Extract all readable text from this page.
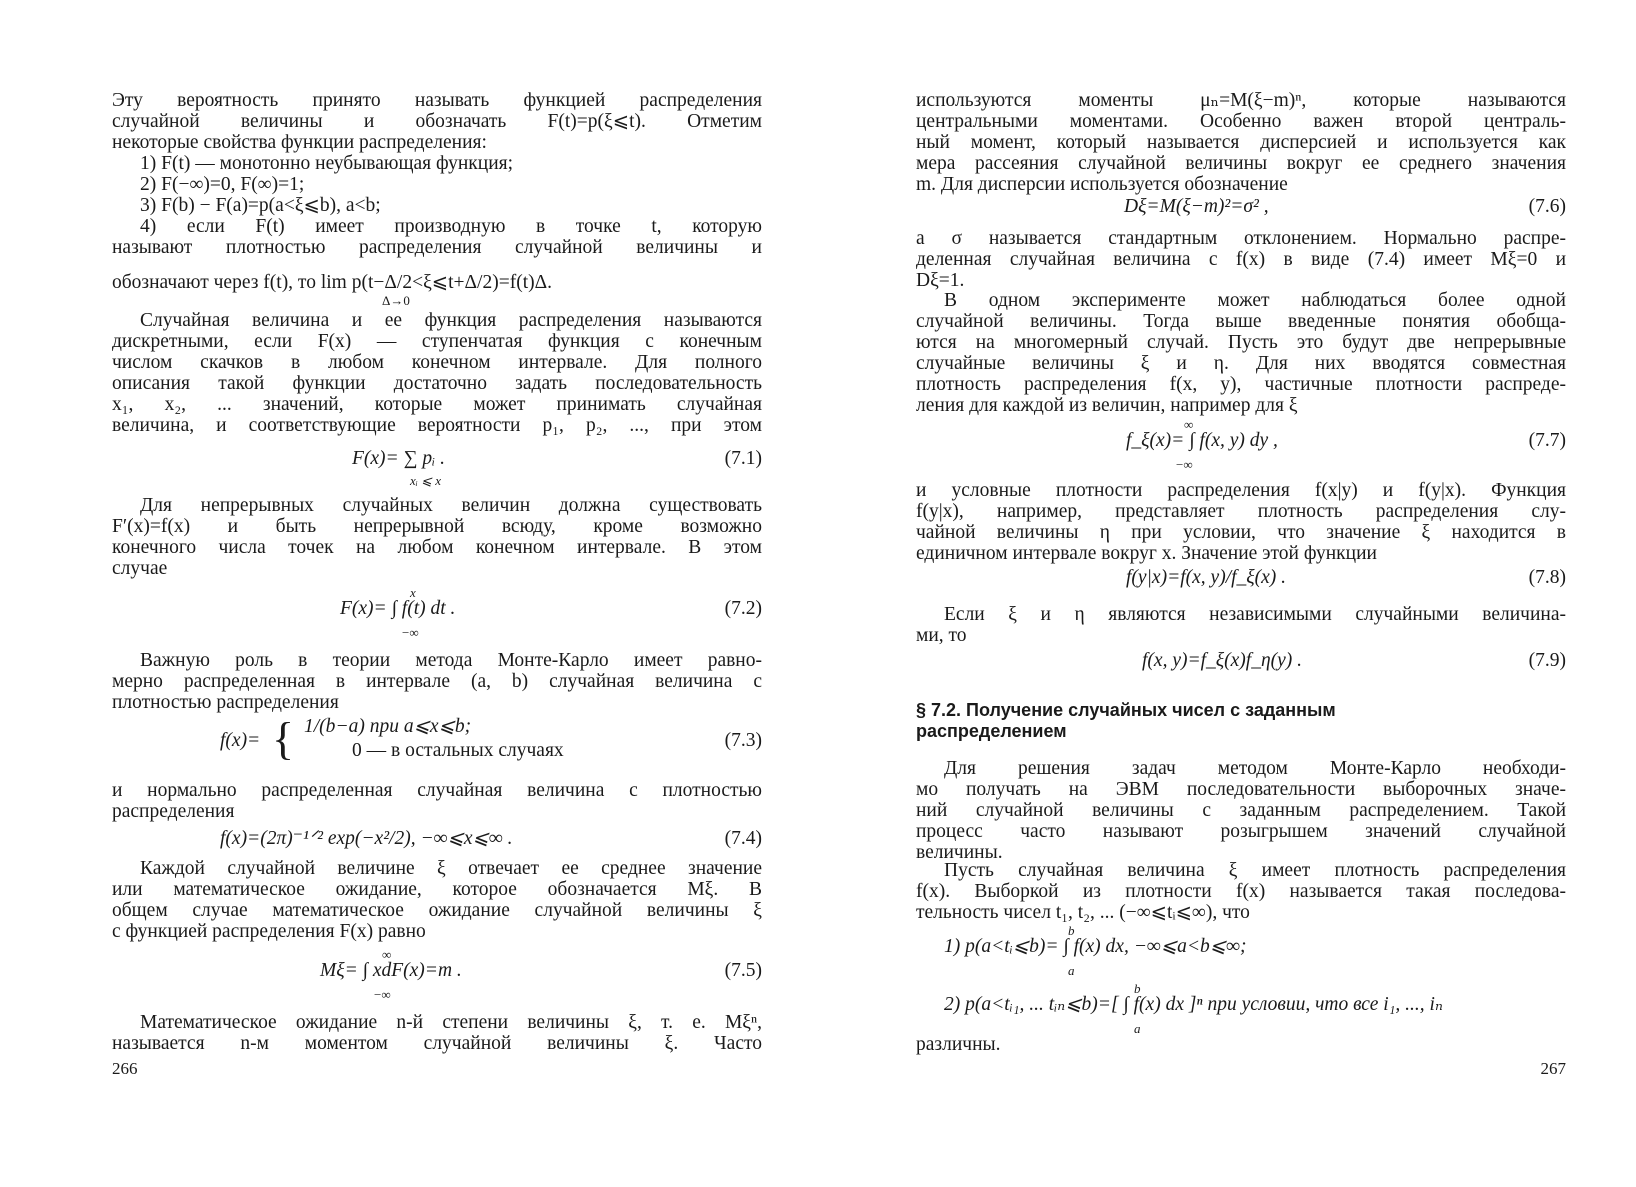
Эту вероятность принято называть функцией распределения
случайной величины и обозначать F(t)=p(ξ⩽t). Отметим
некоторые свойства функции распределения:
1) F(t) — монотонно неубывающая функция;
2) F(−∞)=0, F(∞)=1;
3) F(b) − F(a)=p(a<ξ⩽b), a<b;
4) если F(t) имеет производную в точке t, которую
называют плотностью распределения случайной величины и
обозначают через f(t), то lim p(t−Δ/2<ξ⩽t+Δ/2)=f(t)Δ.
Δ→0
Случайная величина и ее функция распределения называются
дискретными, если F(x) — ступенчатая функция с конечным
числом скачков в любом конечном интервале. Для полного
описания такой функции достаточно задать последовательность
x₁, x₂, ... значений, которые может принимать случайная
величина, и соответствующие вероятности p₁, p₂, ..., при этом
F(x)= ∑ pᵢ .
xᵢ ⩽ x
(7.1)
Для непрерывных случайных величин должна существовать
F′(x)=f(x) и быть непрерывной всюду, кроме возможно
конечного числа точек на любом конечном интервале. В этом
случае
x
F(x)= ∫ f(t) dt .
−∞
(7.2)
Важную роль в теории метода Монте-Карло имеет равно-
мерно распределенная в интервале (a, b) случайная величина с
плотностью распределения
f(x)= { 1/(b−a) при a⩽x⩽b;
0 — в остальных случаях	(7.3)
и нормально распределенная случайная величина с плотностью
распределения
f(x)=(2π)⁻¹ᐟ² exp(−x²/2), −∞⩽x⩽∞ .	(7.4)
Каждой случайной величине ξ отвечает ее среднее значение
или математическое ожидание, которое обозначается Mξ. В
общем случае математическое ожидание случайной величины ξ
с функцией распределения F(x) равно
∞
Mξ= ∫ xdF(x)=m .
−∞
(7.5)
Математическое ожидание n-й степени величины ξ, т. е. Mξⁿ,
называется n-м моментом случайной величины ξ. Часто
266
используются моменты μₙ=M(ξ−m)ⁿ, которые называются
центральными моментами. Особенно важен второй централь-
ный момент, который называется дисперсией и используется как
мера рассеяния случайной величины вокруг ее среднего значения
m. Для дисперсии используется обозначение
Dξ=M(ξ−m)²=σ² ,	(7.6)
а σ называется стандартным отклонением. Нормально распре-
деленная случайная величина с f(x) в виде (7.4) имеет Mξ=0 и
Dξ=1.
В одном эксперименте может наблюдаться более одной
случайной величины. Тогда выше введенные понятия обобща-
ются на многомерный случай. Пусть это будут две непрерывные
случайные величины ξ и η. Для них вводятся совместная
плотность распределения f(x, y), частичные плотности распреде-
ления для каждой из величин, например для ξ
∞
f_ξ(x)= ∫ f(x, y) dy ,
−∞
(7.7)
и условные плотности распределения f(x|y) и f(y|x). Функция
f(y|x), например, представляет плотность распределения слу-
чайной величины η при условии, что значение ξ находится в
единичном интервале вокруг x. Значение этой функции
f(y|x)=f(x, y)/f_ξ(x) .	(7.8)
Если ξ и η являются независимыми случайными величина-
ми, то
f(x, y)=f_ξ(x)f_η(y) .	(7.9)
§ 7.2. Получение случайных чисел с заданным
распределением
Для решения задач методом Монте-Карло необходи-
мо получать на ЭВМ последовательности выборочных значе-
ний случайной величины с заданным распределением. Такой
процесс часто называют розыгрышем значений случайной
величины.
Пусть случайная величина ξ имеет плотность распределения
f(x). Выборкой из плотности f(x) называется такая последова-
тельность чисел t₁, t₂, ... (−∞⩽tᵢ⩽∞), что
b
1) p(a<tᵢ⩽b)= ∫ f(x) dx, −∞⩽a<b⩽∞;
a
b
2) p(a<tᵢ₁, ... tᵢₙ⩽b)=[ ∫ f(x) dx ]ⁿ при условии, что все i₁, ..., iₙ
a
различны.
267
